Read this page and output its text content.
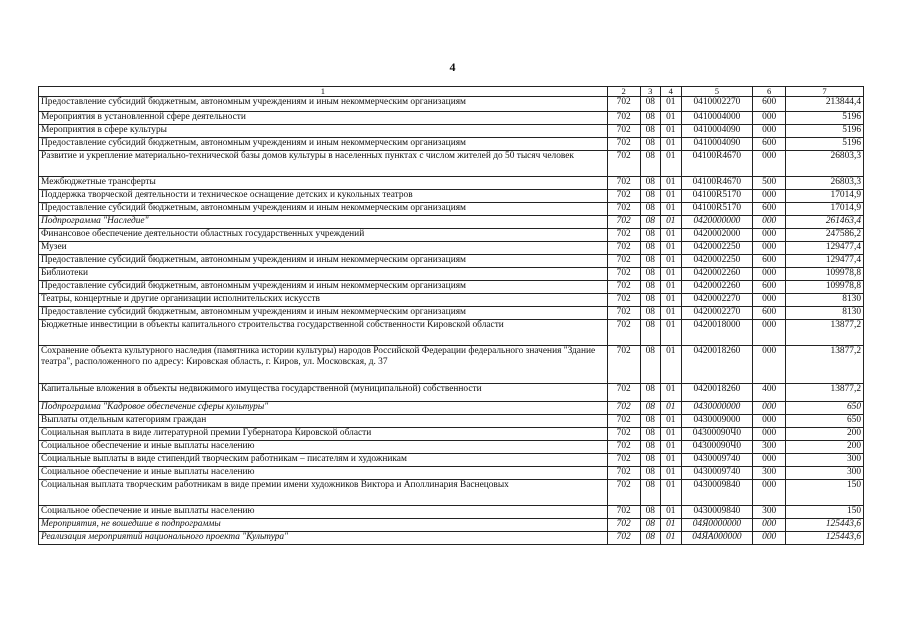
4
1	2	3	4	5	6	7
Предоставление субсидий бюджетным, автономным учреждениям и иным некоммерческим организациям	702	08	01	0410002270	600	213844,4
Мероприятия в установленной сфере деятельности	702	08	01	0410004000	000	5196
Мероприятия в сфере культуры	702	08	01	0410004090	000	5196
Предоставление субсидий бюджетным, автономным учреждениям и иным некоммерческим организациям	702	08	01	0410004090	600	5196
Развитие и укрепление материально-технической базы домов культуры в населенных пунктах с числом жителей до 50 тысяч человек	702	08	01	04100R4670	000	26803,3
Межбюджетные трансферты	702	08	01	04100R4670	500	26803,3
Поддержка творческой деятельности и техническое оснащение детских и кукольных театров	702	08	01	04100R5170	000	17014,9
Предоставление субсидий бюджетным, автономным учреждениям и иным некоммерческим организациям	702	08	01	04100R5170	600	17014,9
Подпрограмма "Наследие"	702	08	01	0420000000	000	261463,4
Финансовое обеспечение деятельности областных государственных учреждений	702	08	01	0420002000	000	247586,2
Музеи	702	08	01	0420002250	000	129477,4
Предоставление субсидий бюджетным, автономным учреждениям и иным некоммерческим организациям	702	08	01	0420002250	600	129477,4
Библиотеки	702	08	01	0420002260	000	109978,8
Предоставление субсидий бюджетным, автономным учреждениям и иным некоммерческим организациям	702	08	01	0420002260	600	109978,8
Театры, концертные и другие организации исполнительских искусств	702	08	01	0420002270	000	8130
Предоставление субсидий бюджетным, автономным учреждениям и иным некоммерческим организациям	702	08	01	0420002270	600	8130
Бюджетные инвестиции в объекты капитального строительства государственной собственности Кировской области	702	08	01	0420018000	000	13877,2
Сохранение объекта культурного наследия (памятника истории культуры) народов Российской Федерации федерального значения "Здание театра", расположенного по адресу: Кировская область, г. Киров, ул. Московская, д. 37	702	08	01	0420018260	000	13877,2
Капитальные вложения в объекты недвижимого имущества государственной (муниципальной) собственности	702	08	01	0420018260	400	13877,2
Подпрограмма "Кадровое обеспечение сферы культуры"	702	08	01	0430000000	000	650
Выплаты отдельным категориям граждан	702	08	01	0430009000	000	650
Социальная выплата в виде литературной премии Губернатора Кировской области	702	08	01	04300090Ч0	000	200
Социальное обеспечение и иные выплаты населению	702	08	01	04300090Ч0	300	200
Социальные выплаты в виде стипендий творческим работникам – писателям и художникам	702	08	01	0430009740	000	300
Социальное обеспечение и иные выплаты населению	702	08	01	0430009740	300	300
Социальная выплата творческим работникам в виде премии имени художников Виктора и Аполлинария Васнецовых	702	08	01	0430009840	000	150
Социальное обеспечение и иные выплаты населению	702	08	01	0430009840	300	150
Мероприятия, не вошедшие в подпрограммы	702	08	01	04Я0000000	000	125443,6
Реализация мероприятий национального проекта "Культура"	702	08	01	04ЯА000000	000	125443,6
